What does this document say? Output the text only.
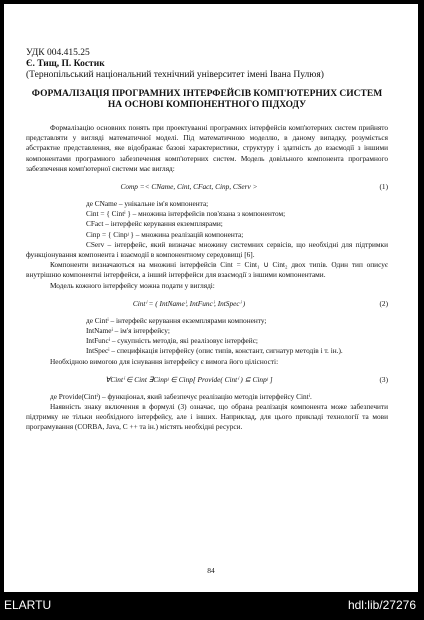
УДК 004.415.25
Є. Тищ, П. Костик
(Тернопільський національний технічний університет імені Івана Пулюя)
ФОРМАЛІЗАЦІЯ ПРОГРАМНИХ ІНТЕРФЕЙСІВ КОМП'ЮТЕРНИХ СИСТЕМ НА ОСНОВІ КОМПОНЕНТНОГО ПІДХОДУ

Формалізацію основних понять при проектуванні програмних інтерфейсів комп'ютерних систем прийнято представляти у вигляді математичної моделі. Під математичною моделлю, в даному випадку, розуміється абстрактне представлення, яке відображає базові характеристики, структуру і здатність до взаємодії з іншими компонентами програмного забезпечення комп'ютерних систем. Модель довільного компонента програмного забезпечення комп'ютерної системи має вигляд:

Comp =< CName, Cint, CFact, Cinp, CServ >	(1)

де CName – унікальне ім'я компонента;

Cint = { Cintⁱ } – множина інтерфейсів пов'язана з компонентом;

CFact – інтерфейс керування екземплярами;

Cinp = { Cinpʲ } – множина реалізацій компонента;

CServ – інтерфейс, який визначає множину системних сервісів, що необхідні для підтримки функціонування компонента і взаємодії в компонентному середовищі [6].

Компоненти визначаються на множині інтерфейсів Cint = Cint₁ ∪ Cint₂ двох типів. Один тип описує внутрішню компонентні інтерфейси, а інший інтерфейси для взаємодії з іншими компонентами.

Модель кожного інтерфейсу можна подати у вигляді:

Cintⁱ = ( IntNameⁱ, IntFuncⁱ, IntSpecⁱ )	(2)

де Cintⁱ – інтерфейс керування екземплярами компоненту;

IntNameⁱ – ім'я інтерфейсу;

IntFuncⁱ – сукупність методів, які реалізовує інтерфейс;

IntSpecⁱ – специфікація інтерфейсу (опис типів, констант, сигнатур методів і т. ін.).

Необхідною вимогою для існування інтерфейсу є вимога його цілісності:

∀Cintⁱ ∈ Cint ∃Cinpʲ ∈ Cinp[ Provide( Cintⁱ ) ⊆ Cinpʲ ]	(3)

де Provide(Cintⁱ) – функціонал, який забезпечує реалізацію методів інтерфейсу Cintⁱ.

Наявність знаку включення в формулі (3) означає, що обрана реалізація компонента може забезпечити підтримку не тільки необхідного інтерфейсу, але і інших. Наприклад, для цього прикладі технології та мови програмування (CORBA, Java, C ++ та ін.) містять необхідні ресурси.

84
ELARTU	hdl:lib/27276
